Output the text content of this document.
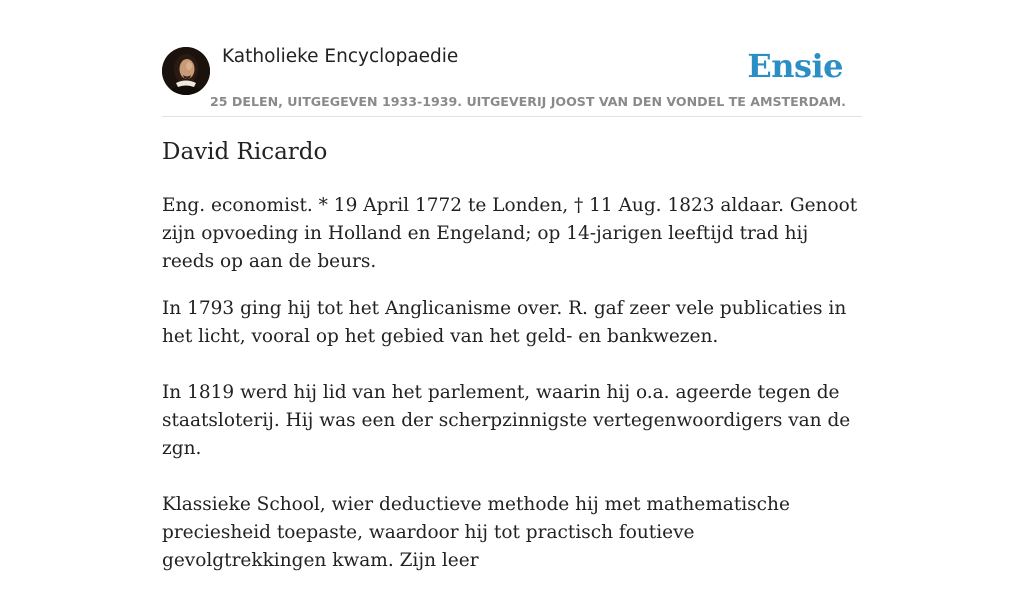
Katholieke Encyclopaedie	Ensie
25 DELEN, UITGEGEVEN 1933-1939. UITGEVERIJ JOOST VAN DEN VONDEL TE AMSTERDAM.
David Ricardo

Eng. economist. * 19 April 1772 te Londen, † 11 Aug. 1823 aldaar. Genoot zijn opvoeding in Holland en Engeland; op 14-jarigen leeftijd trad hij reeds op aan de beurs.

In 1793 ging hij tot het Anglicanisme over. R. gaf zeer vele publicaties in het licht, vooral op het gebied van het geld- en bankwezen.

In 1819 werd hij lid van het parlement, waarin hij o.a. ageerde tegen de staatsloterij. Hij was een der scherpzinnigste vertegenwoordigers van de zgn.

Klassieke School, wier deductieve methode hij met mathematische preciesheid toepaste, waardoor hij tot practisch foutieve gevolgtrekkingen kwam. Zijn leer
